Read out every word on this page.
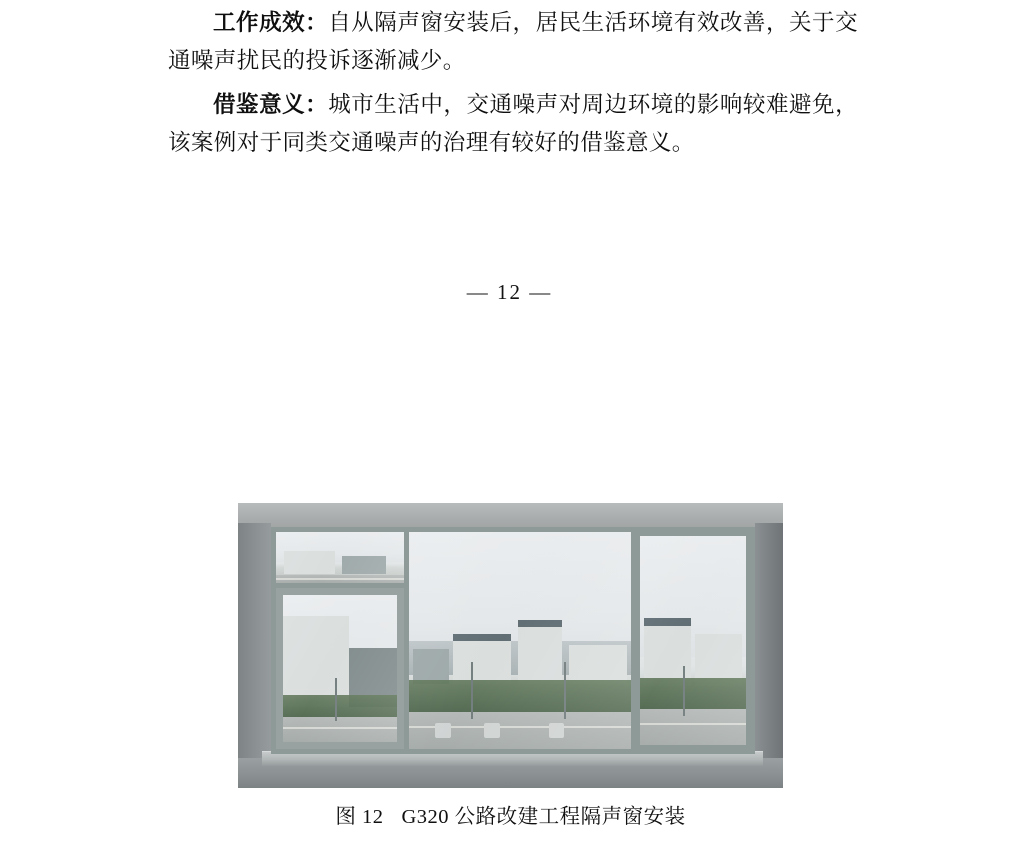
工作成效：自从隔声窗安装后，居民生活环境有效改善，关于交通噪声扰民的投诉逐渐减少。

借鉴意义：城市生活中，交通噪声对周边环境的影响较难避免，该案例对于同类交通噪声的治理有较好的借鉴意义。

— 12 —
图 12 G320 公路改建工程隔声窗安装
